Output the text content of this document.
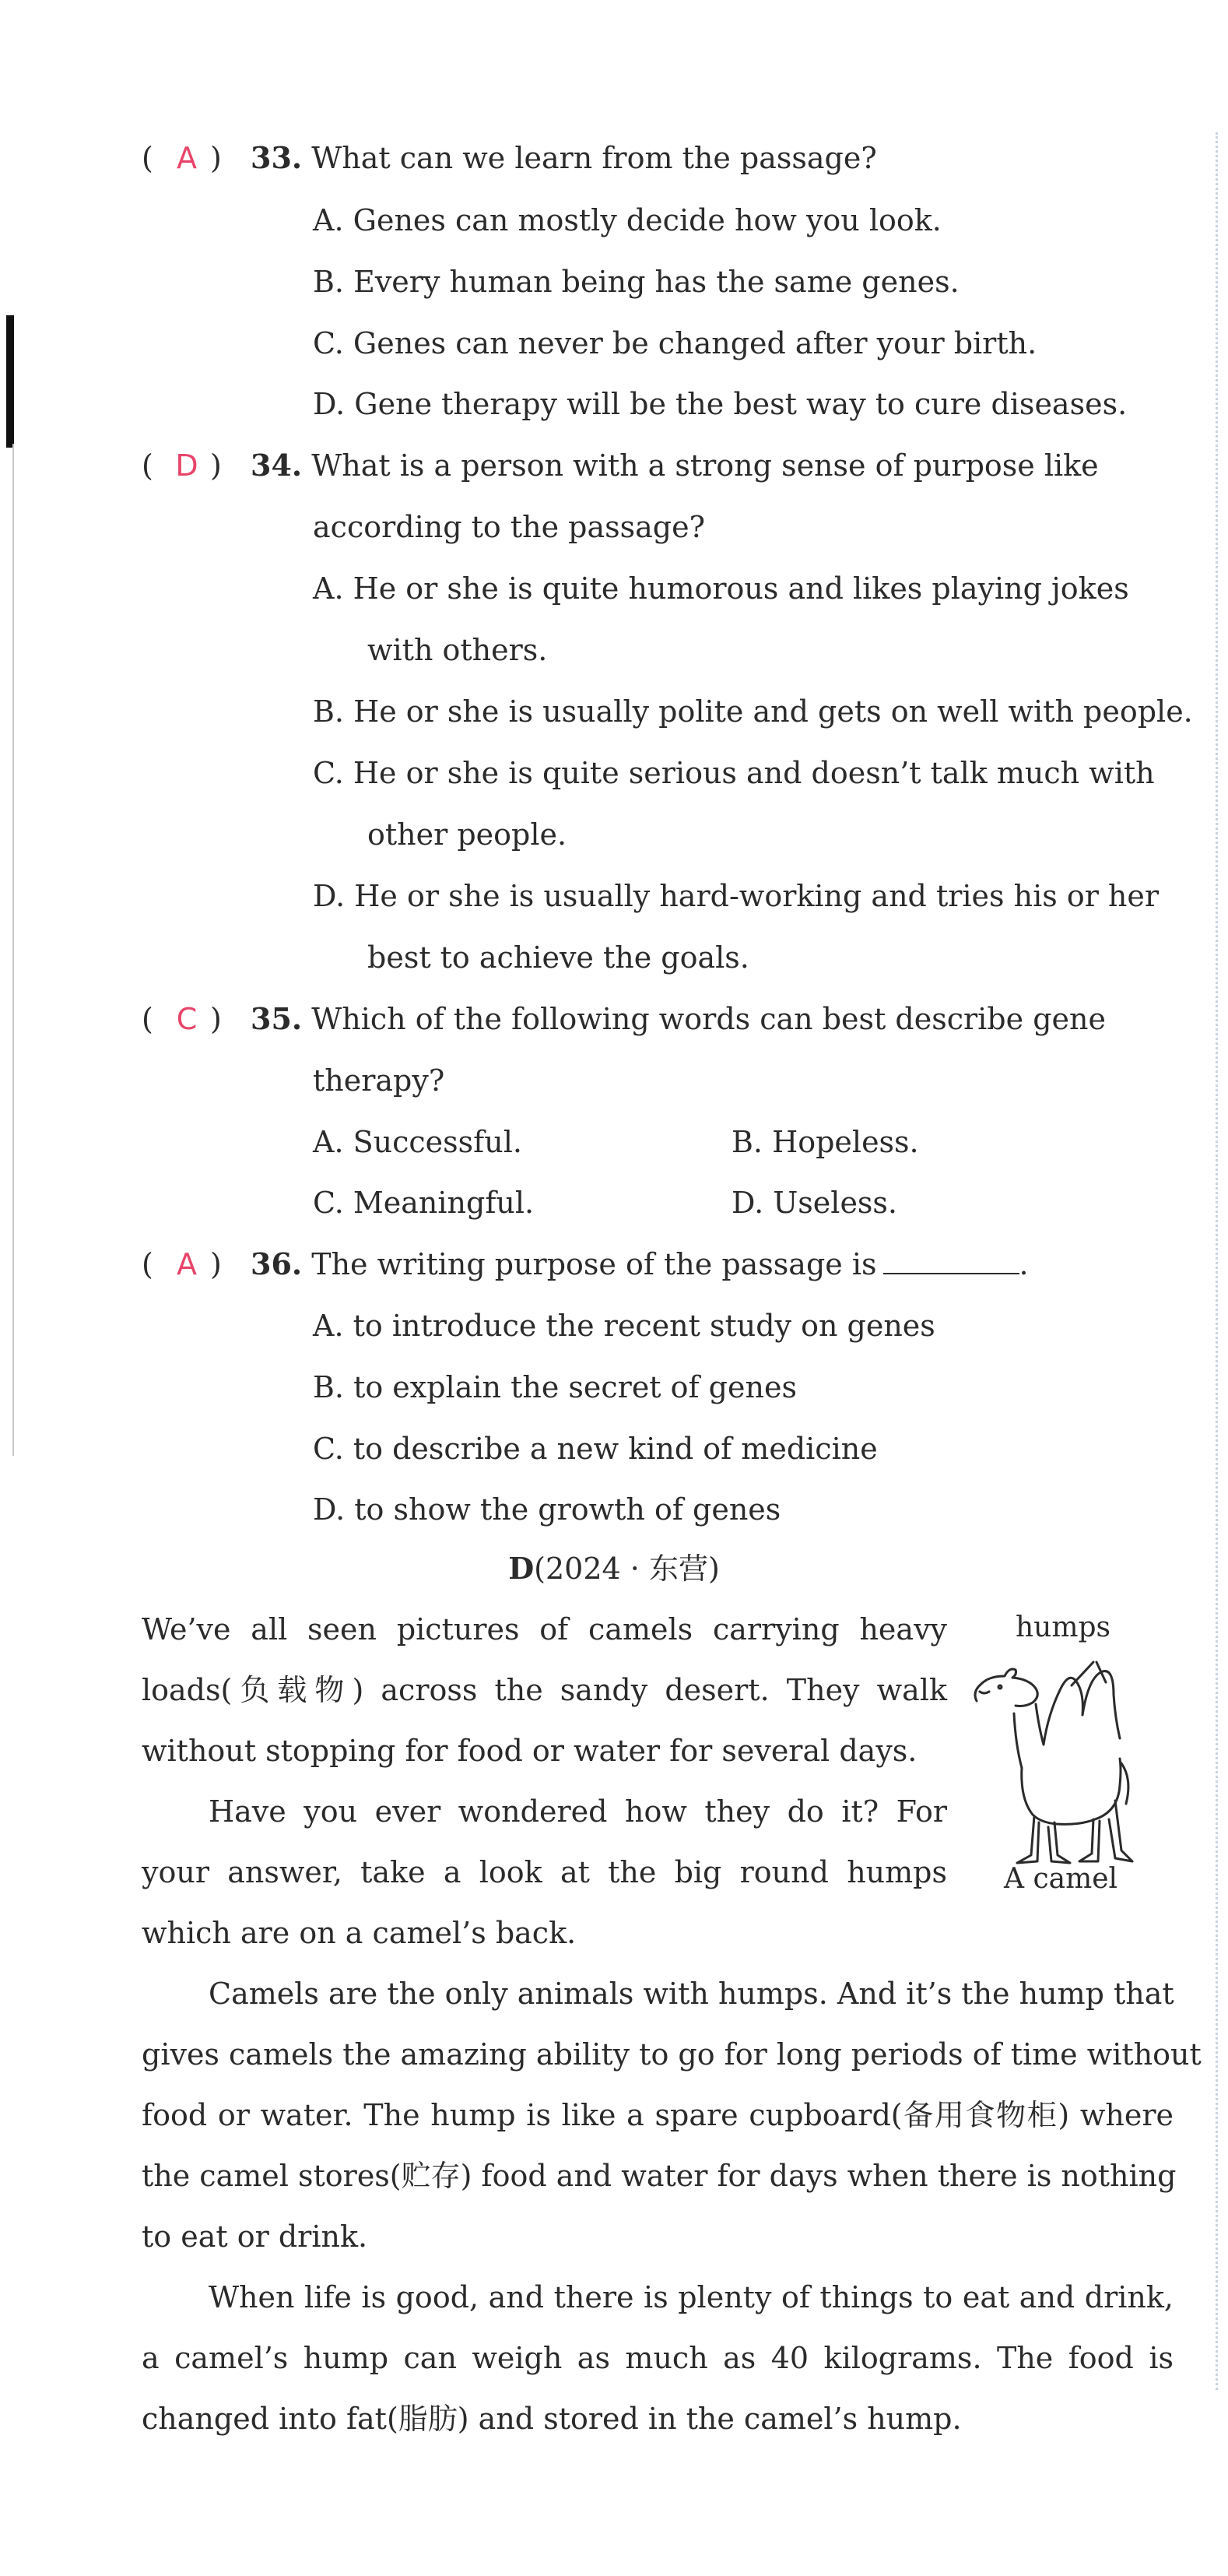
( A ) 33. What can we learn from the passage?
A. Genes can mostly decide how you look.
B. Every human being has the same genes.
C. Genes can never be changed after your birth.
D. Gene therapy will be the best way to cure diseases.
( D ) 34. What is a person with a strong sense of purpose like
according to the passage?
A. He or she is quite humorous and likes playing jokes
with others.
B. He or she is usually polite and gets on well with people.
C. He or she is quite serious and doesn’t talk much with
other people.
D. He or she is usually hard-working and tries his or her
best to achieve the goals.
( C ) 35. Which of the following words can best describe gene
therapy?
A. Successful.	B. Hopeless.
C. Meaningful.	D. Useless.
( A ) 36. The writing purpose of the passage is	.
A. to introduce the recent study on genes
B. to explain the secret of genes
C. to describe a new kind of medicine
D. to show the growth of genes
D(2024 · 东营)
humps
A camel
We’ve all seen pictures of camels carrying heavy
loads(负载物) across the sandy desert. They walk
without stopping for food or water for several days.
Have you ever wondered how they do it? For
your answer, take a look at the big round humps
which are on a camel’s back.
Camels are the only animals with humps. And it’s the hump that
gives camels the amazing ability to go for long periods of time without
food or water. The hump is like a spare cupboard(备用食物柜) where
the camel stores(贮存) food and water for days when there is nothing
to eat or drink.
When life is good, and there is plenty of things to eat and drink,
a camel’s hump can weigh as much as 40 kilograms. The food is
changed into fat(脂肪) and stored in the camel’s hump.
